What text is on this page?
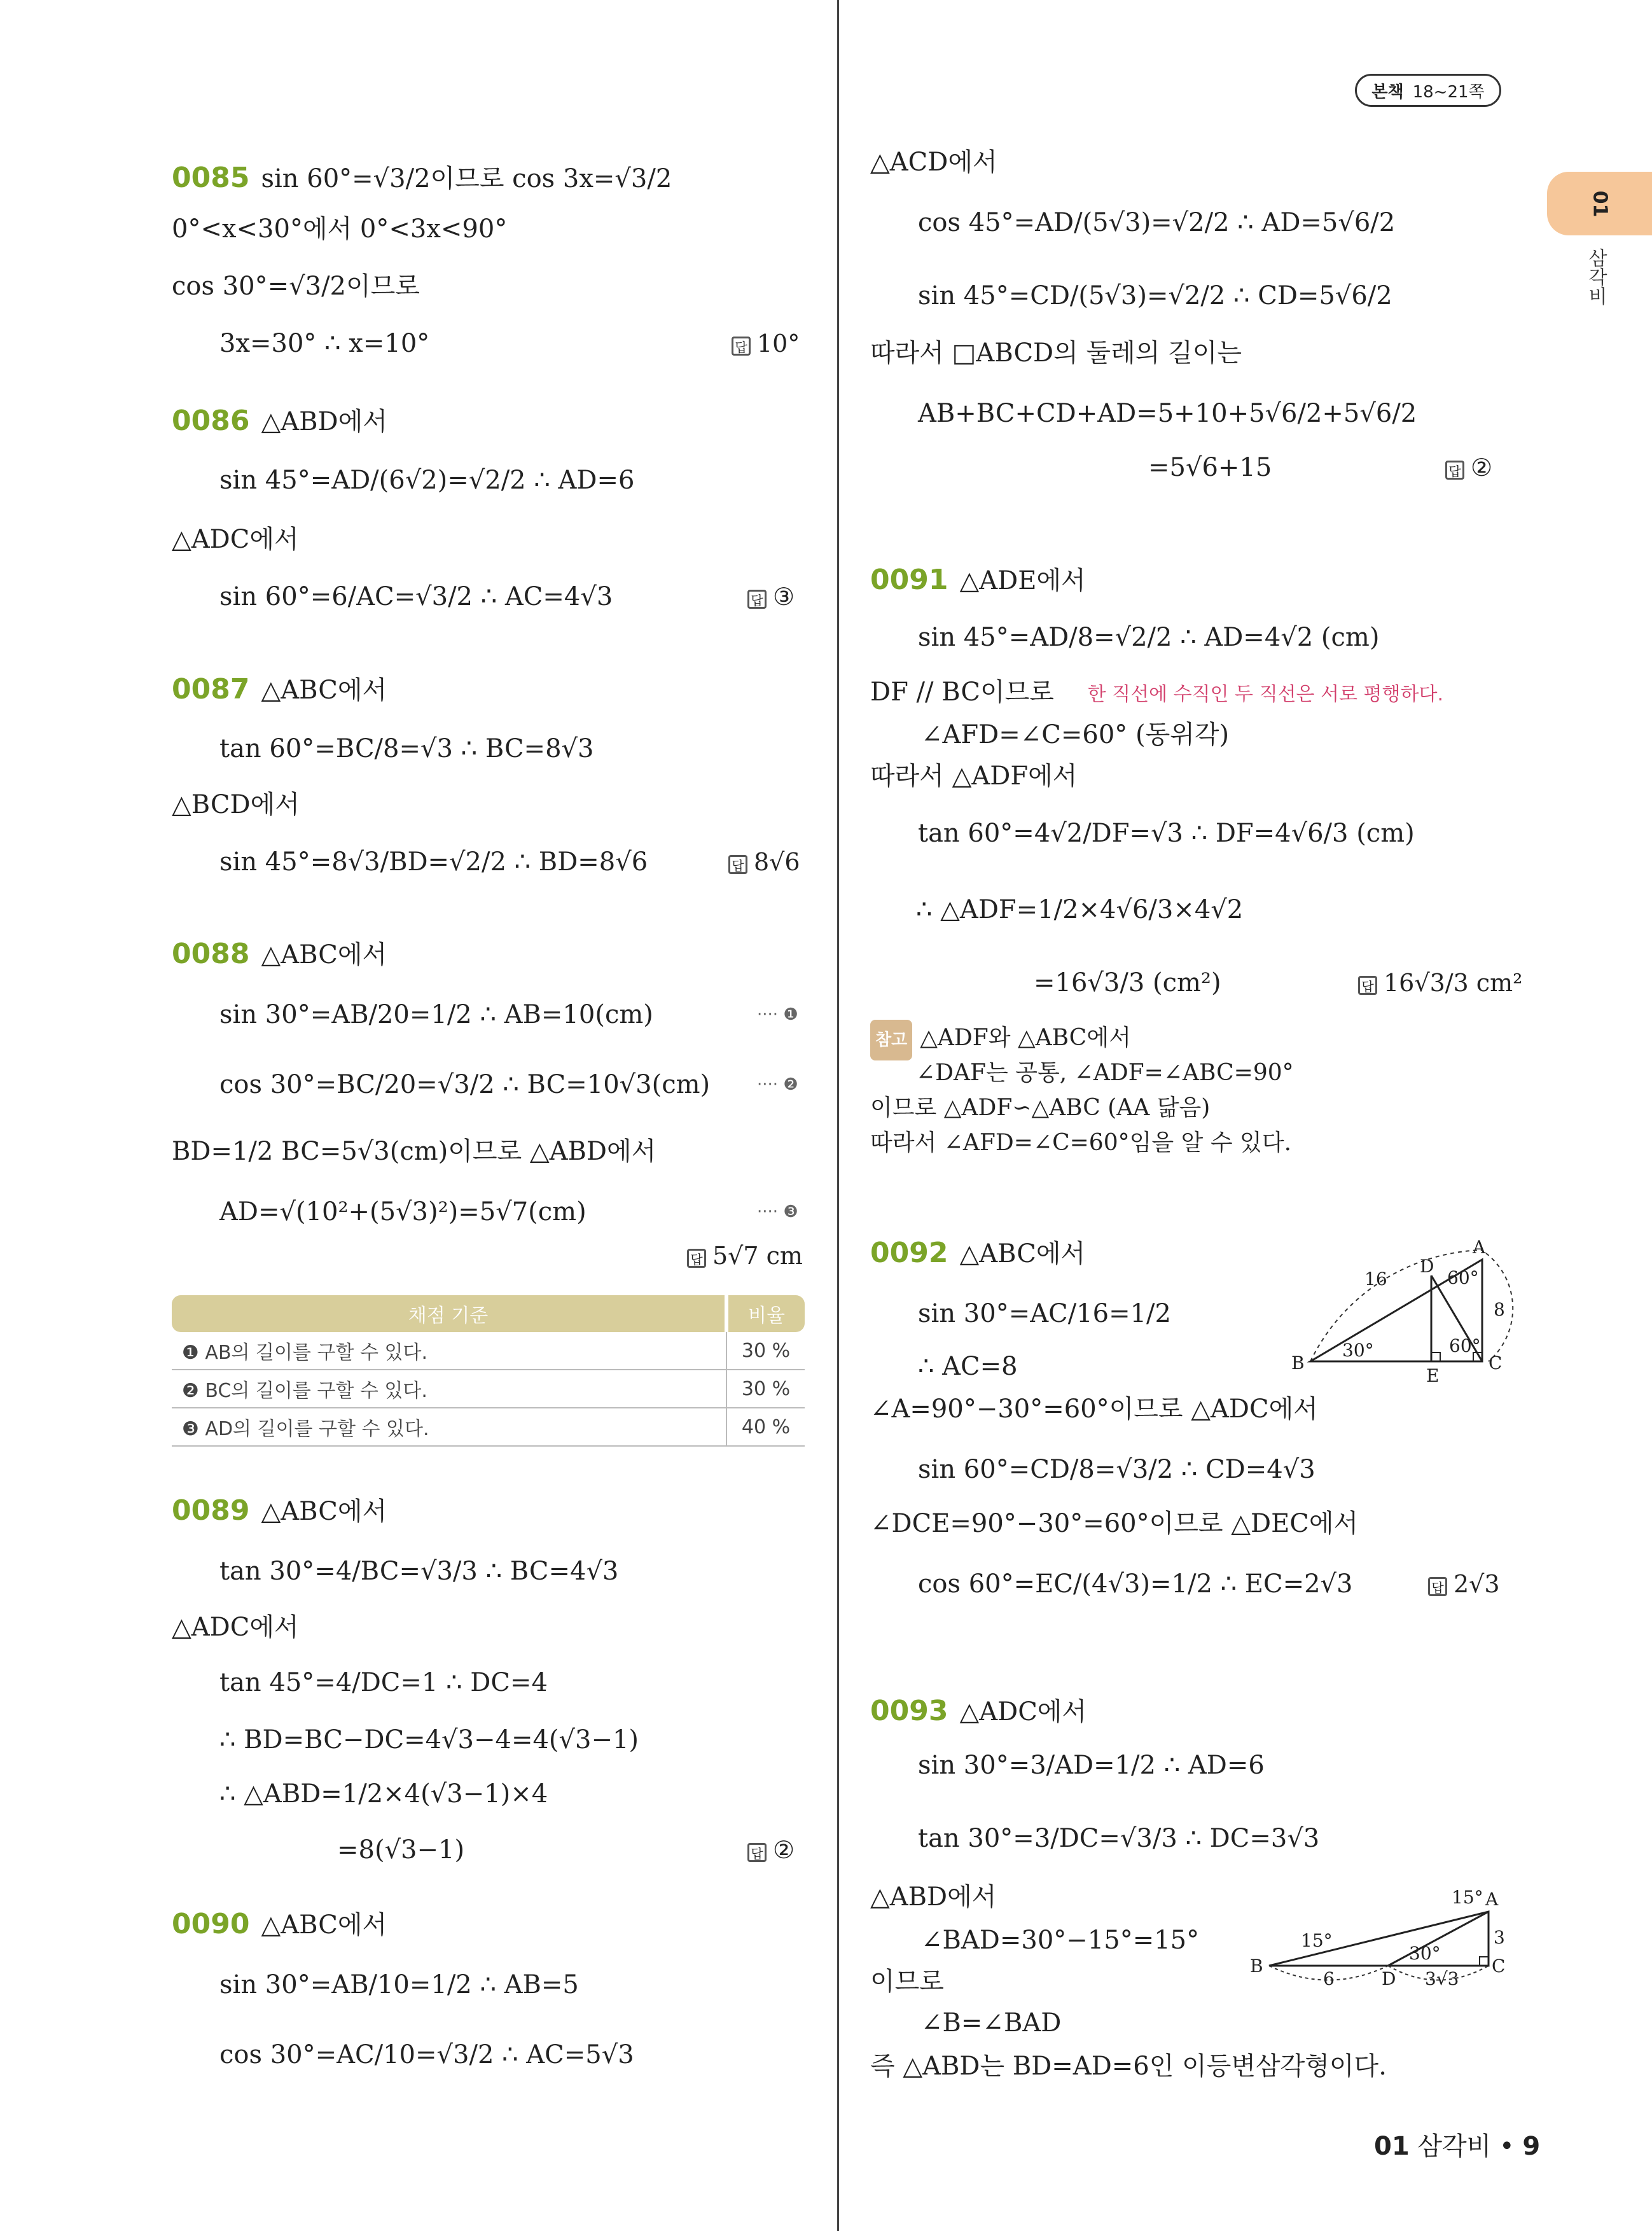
본책 18~21쪽
01
삼각비
0085 sin 60°=√3/2이므로 cos 3x=√3/2
0°<x<30°에서 0°<3x<90°
cos 30°=√3/2이므로
3x=30° ∴ x=10°	답 10°
0086 △ABD에서
sin 45°=AD/(6√2)=√2/2 ∴ AD=6
△ADC에서
sin 60°=6/AC=√3/2 ∴ AC=4√3	답 ③
0087 △ABC에서
tan 60°=BC/8=√3 ∴ BC=8√3
△BCD에서
sin 45°=8√3/BD=√2/2 ∴ BD=8√6	답 8√6
0088 △ABC에서
sin 30°=AB/20=1/2 ∴ AB=10(cm)	···· ❶
cos 30°=BC/20=√3/2 ∴ BC=10√3(cm)	···· ❷
BD=1/2 BC=5√3(cm)이므로 △ABD에서
AD=√(10²+(5√3)²)=5√7(cm)	···· ❸
답 5√7 cm
채점 기준	비율
❶ AB의 길이를 구할 수 있다.	30 %
❷ BC의 길이를 구할 수 있다.	30 %
❸ AD의 길이를 구할 수 있다.	40 %
0089 △ABC에서
tan 30°=4/BC=√3/3 ∴ BC=4√3
△ADC에서
tan 45°=4/DC=1 ∴ DC=4
∴ BD=BC−DC=4√3−4=4(√3−1)
∴ △ABD=1/2×4(√3−1)×4
=8(√3−1)	답 ②
0090 △ABC에서
sin 30°=AB/10=1/2 ∴ AB=5
cos 30°=AC/10=√3/2 ∴ AC=5√3
△ACD에서
cos 45°=AD/(5√3)=√2/2 ∴ AD=5√6/2
sin 45°=CD/(5√3)=√2/2 ∴ CD=5√6/2
따라서 □ABCD의 둘레의 길이는
AB+BC+CD+AD=5+10+5√6/2+5√6/2
=5√6+15	답 ②
0091 △ADE에서
sin 45°=AD/8=√2/2 ∴ AD=4√2 (cm)
DF // BC이므로 한 직선에 수직인 두 직선은 서로 평행하다.
∠AFD=∠C=60° (동위각)
따라서 △ADF에서
tan 60°=4√2/DF=√3 ∴ DF=4√6/3 (cm)
∴ △ADF=1/2×4√6/3×4√2
=16√3/3 (cm²)	답 16√3/3 cm²
참고 △ADF와 △ABC에서
∠DAF는 공통, ∠ADF=∠ABC=90°
이므로 △ADF∽△ABC (AA 닮음)
따라서 ∠AFD=∠C=60°임을 알 수 있다.
0092 △ABC에서
sin 30°=AC/16=1/2
∴ AC=8
∠A=90°−30°=60°이므로 △ADC에서
sin 60°=CD/8=√3/2 ∴ CD=4√3
∠DCE=90°−30°=60°이므로 △DEC에서
cos 60°=EC/(4√3)=1/2 ∴ EC=2√3	답 2√3
A
B	C
D
E
16
8
30°
60°
60°
0093 △ADC에서
sin 30°=3/AD=1/2 ∴ AD=6
tan 30°=3/DC=√3/3 ∴ DC=3√3
△ABD에서
∠BAD=30°−15°=15°
이므로
∠B=∠BAD
즉 △ABD는 BD=AD=6인 이등변삼각형이다.
A
B	C
D
15°
15°
30°
3
6	3√3
01 삼각비 • 9
